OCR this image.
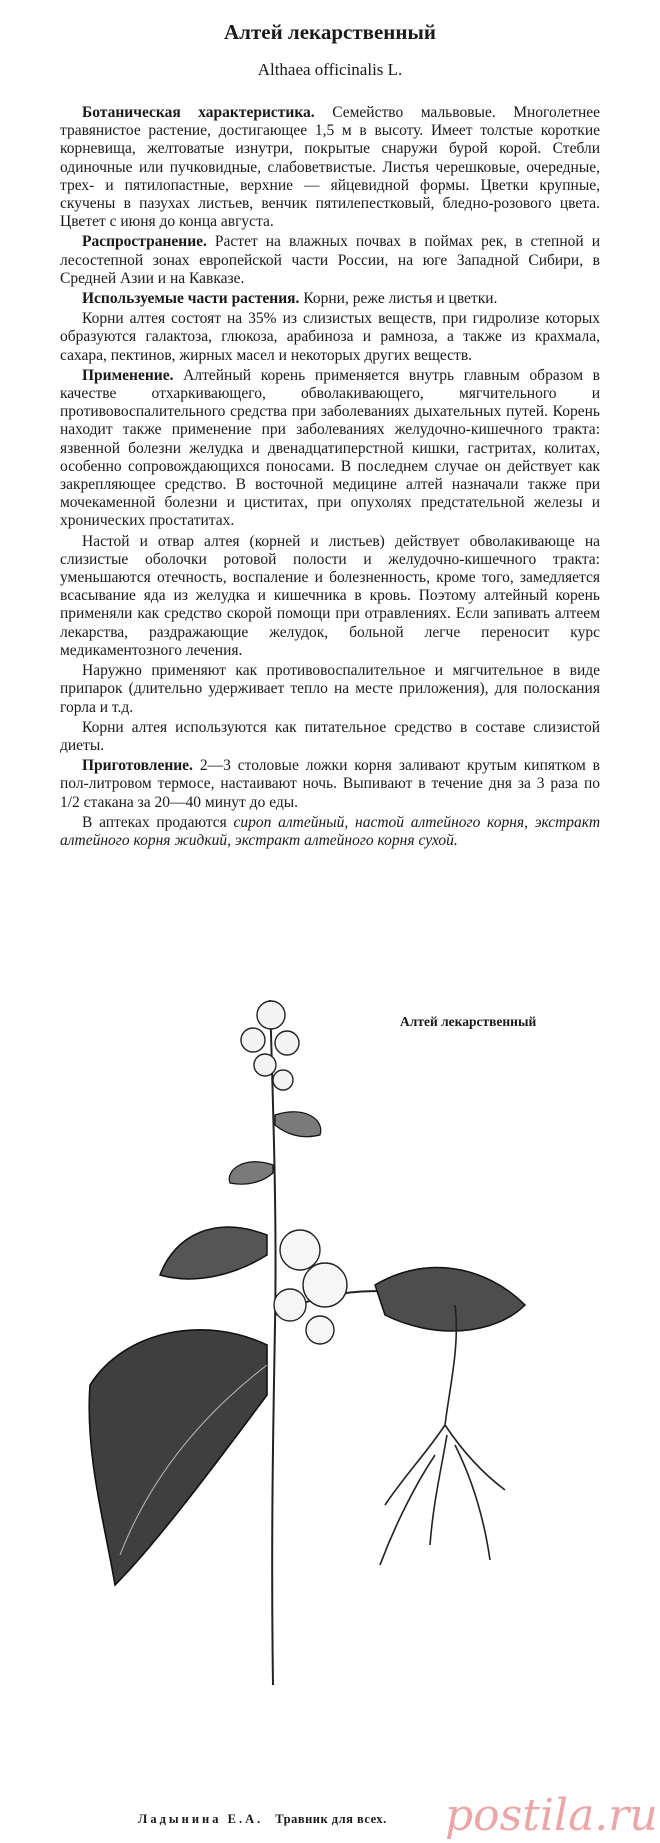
Алтей лекарственный
Althaea officinalis L.

Ботаническая характеристика. Семейство мальвовые. Многолетнее травянистое растение, достигающее 1,5 м в высоту. Имеет толстые короткие корневища, желтоватые изнутри, покрытые снаружи бурой корой. Стебли одиночные или пучковидные, слабоветвистые. Листья черешковые, очередные, трех- и пятилопастные, верхние — яйцевидной формы. Цветки крупные, скучены в пазухах листьев, венчик пятилепестковый, бледно-розового цвета. Цветет с июня до конца августа.

Распространение. Растет на влажных почвах в поймах рек, в степной и лесостепной зонах европейской части России, на юге Западной Сибири, в Средней Азии и на Кавказе.

Используемые части растения. Корни, реже листья и цветки.

Корни алтея состоят на 35% из слизистых веществ, при гидролизе которых образуются галактоза, глюкоза, арабиноза и рамноза, а также из крахмала, сахара, пектинов, жирных масел и некоторых других веществ.

Применение. Алтейный корень применяется внутрь главным образом в качестве отхаркивающего, обволакивающего, мягчительного и противовоспалительного средства при заболеваниях дыхательных путей. Корень находит также применение при заболеваниях желудочно-кишечного тракта: язвенной болезни желудка и двенадцатиперстной кишки, гастритах, колитах, особенно сопровождающихся поносами. В последнем случае он действует как закрепляющее средство. В восточной медицине алтей назначали также при мочекаменной болезни и циститах, при опухолях предстательной железы и хронических простатитах.

Настой и отвар алтея (корней и листьев) действует обволакивающе на слизистые оболочки ротовой полости и желудочно-кишечного тракта: уменьшаются отечность, воспаление и болезненность, кроме того, замедляется всасывание яда из желудка и кишечника в кровь. Поэтому алтейный корень применяли как средство скорой помощи при отравлениях. Если запивать алтеем лекарства, раздражающие желудок, больной легче переносит курс медикаментозного лечения.

Наружно применяют как противовоспалительное и мягчительное в виде припарок (длительно удерживает тепло на месте приложения), для полоскания горла и т.д.

Корни алтея используются как питательное средство в составе слизистой диеты.

Приготовление. 2—3 столовые ложки корня заливают крутым кипятком в пол-литровом термосе, настаивают ночь. Выпивают в течение дня за 3 раза по 1/2 стакана за 20—40 минут до еды.

В аптеках продаются сироп алтейный, настой алтейного корня, экстракт алтейного корня жидкий, экстракт алтейного корня сухой.

Алтей лекарственный
Ладынина Е.А. Травник для всех. postila.ru
